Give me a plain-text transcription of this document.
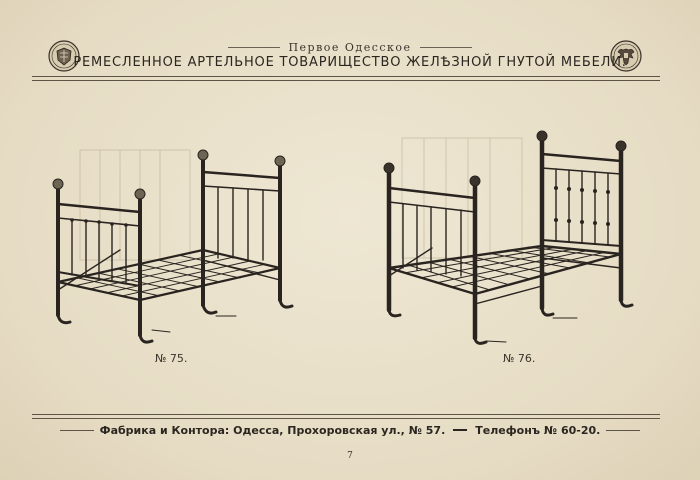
Первое Одесское
РЕМЕСЛЕННОЕ АРТЕЛЬНОЕ ТОВАРИЩЕСТВО ЖЕЛѢЗНОЙ ГНУТОЙ МЕБЕЛИ.
№ 75.	№ 76.
Фабрика и Контора: Одесса, Прохоровская ул., № 57.	Телефонъ № 60-20.
7
